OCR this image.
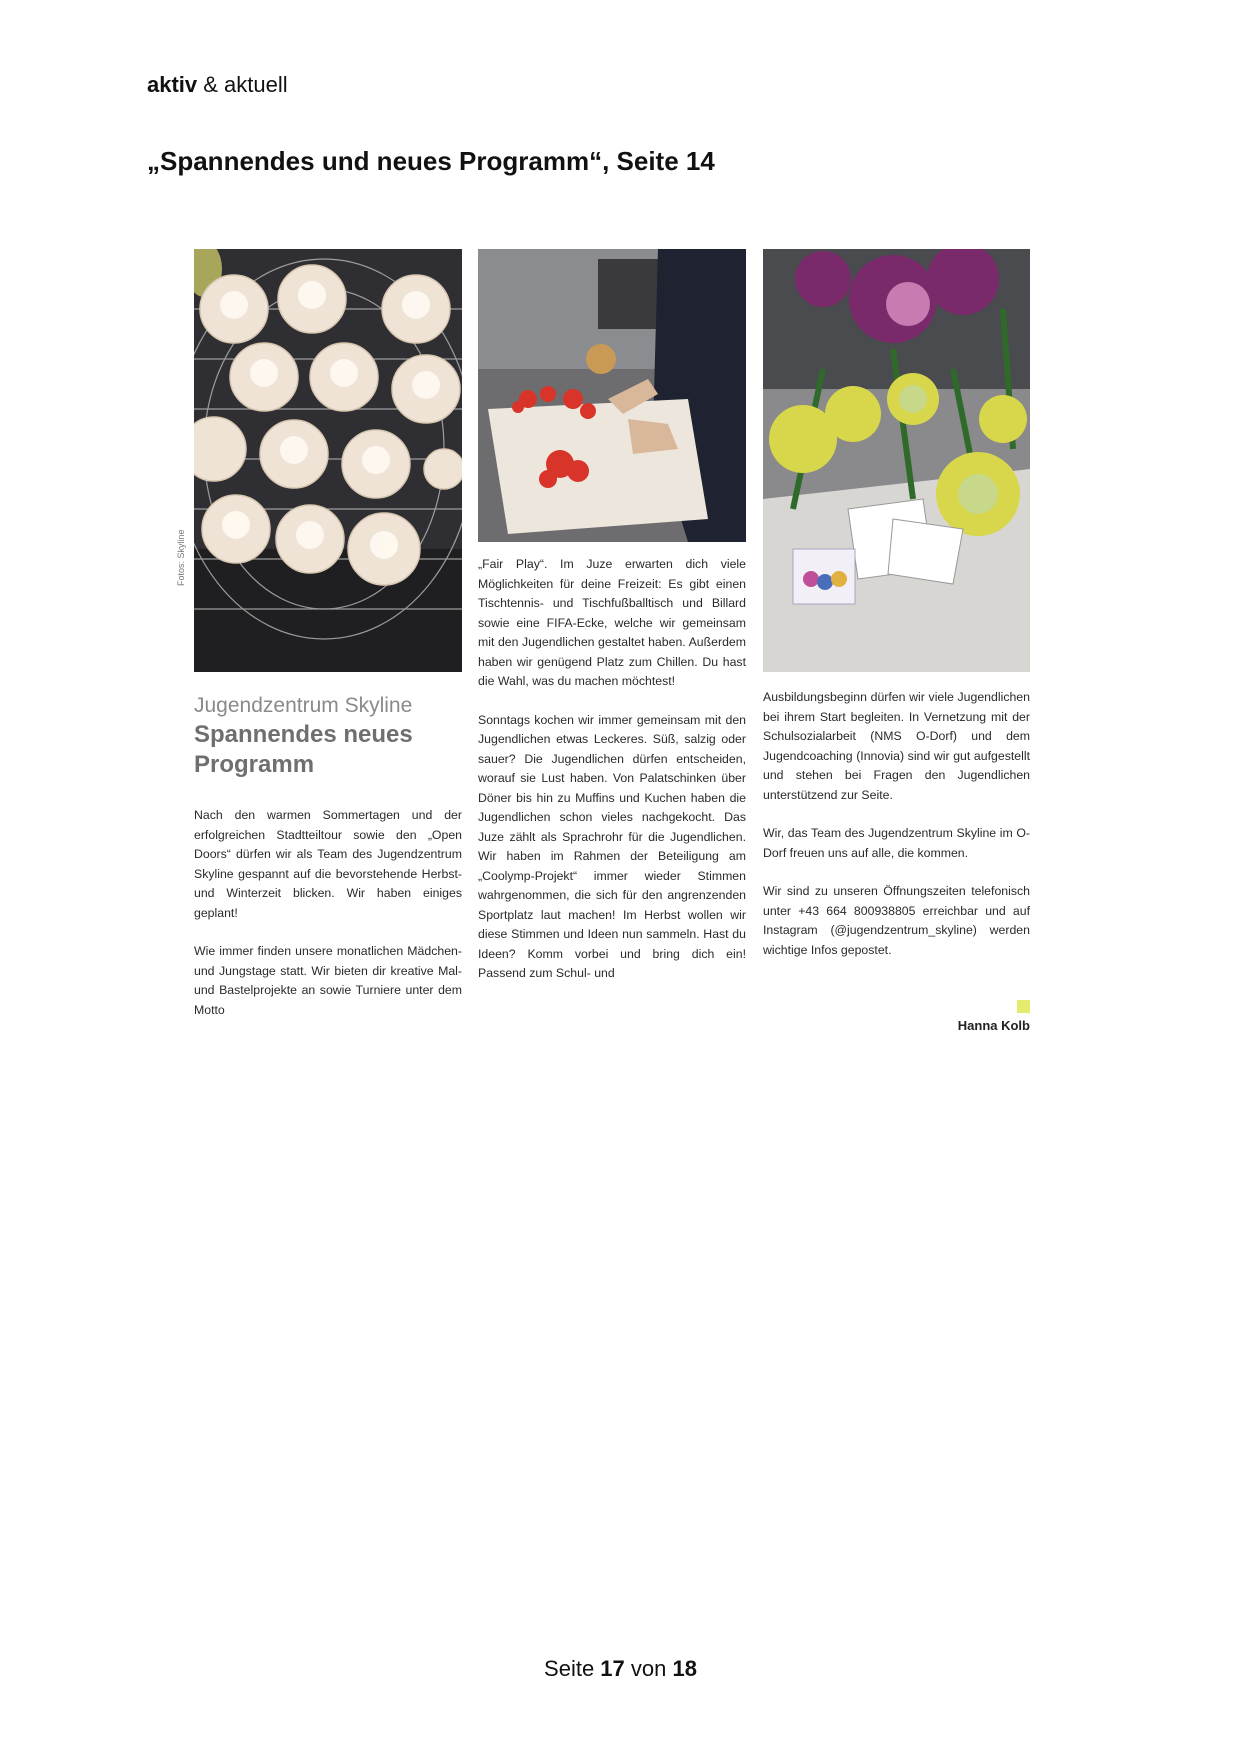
aktiv & aktuell
„Spannendes und neues Programm“, Seite 14
Fotos: Skyline
Jugendzentrum Skyline
Spannendes neues Programm

Nach den warmen Sommertagen und der erfolgreichen Stadtteiltour sowie den „Open Doors“ dürfen wir als Team des Jugendzentrum Skyline gespannt auf die bevorstehende Herbst- und Winterzeit blicken. Wir haben einiges geplant!

Wie immer finden unsere monatlichen Mädchen- und Jungstage statt. Wir bieten dir kreative Mal- und Bastelprojekte an sowie Turniere unter dem Motto

„Fair Play“. Im Juze erwarten dich viele Möglichkeiten für deine Freizeit: Es gibt einen Tischtennis- und Tischfußballtisch und Billard sowie eine FIFA-Ecke, welche wir gemeinsam mit den Jugendlichen gestaltet haben. Außerdem haben wir genügend Platz zum Chillen. Du hast die Wahl, was du machen möchtest!

Sonntags kochen wir immer gemeinsam mit den Jugendlichen etwas Leckeres. Süß, salzig oder sauer? Die Jugendlichen dürfen entscheiden, worauf sie Lust haben. Von Palatschinken über Döner bis hin zu Muffins und Kuchen haben die Jugendlichen schon vieles nachgekocht. Das Juze zählt als Sprachrohr für die Jugendlichen. Wir haben im Rahmen der Beteiligung am „Coolymp-Projekt“ immer wieder Stimmen wahrgenommen, die sich für den angrenzenden Sportplatz laut machen! Im Herbst wollen wir diese Stimmen und Ideen nun sammeln. Hast du Ideen? Komm vorbei und bring dich ein! Passend zum Schul- und

Ausbildungsbeginn dürfen wir viele Jugendlichen bei ihrem Start begleiten. In Vernetzung mit der Schulsozialarbeit (NMS O-Dorf) und dem Jugendcoaching (Innovia) sind wir gut aufgestellt und stehen bei Fragen den Jugendlichen unterstützend zur Seite.

Wir, das Team des Jugendzentrum Skyline im O-Dorf freuen uns auf alle, die kommen.

Wir sind zu unseren Öffnungszeiten telefonisch unter +43 664 800938805 erreichbar und auf Instagram (@jugendzentrum_skyline) werden wichtige Infos gepostet.

Hanna Kolb
Seite 17 von 18
